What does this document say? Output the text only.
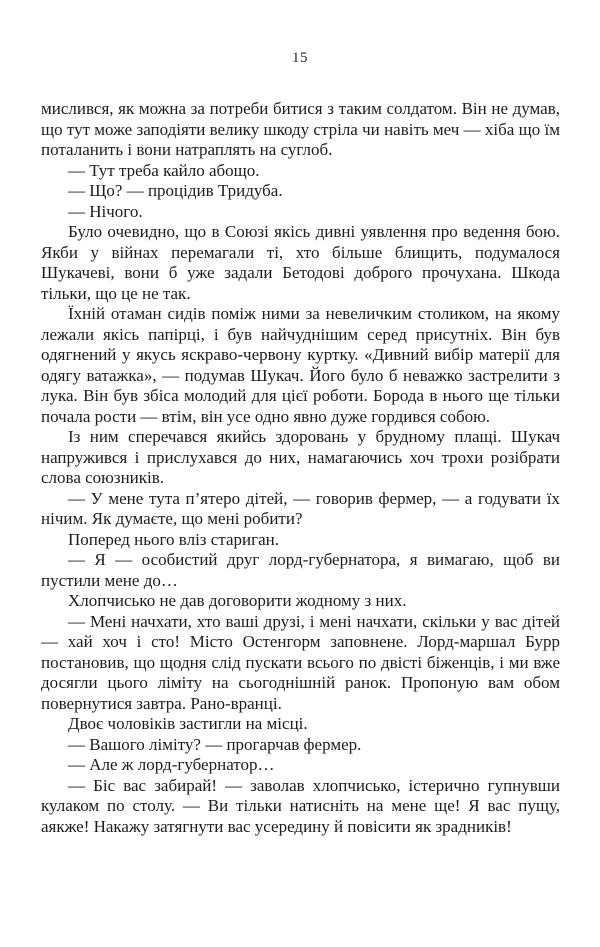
15

мислився, як можна за потреби битися з таким солдатом. Він не думав, що тут може заподіяти велику шкоду стріла чи навіть меч — хіба що їм поталанить і вони натраплять на суглоб.

— Тут треба кайло абощо.

— Що? — процідив Тридуба.

— Нічого.

Було очевидно, що в Союзі якісь дивні уявлення про ведення бою. Якби у війнах перемагали ті, хто більше блищить, подумалося Шукачеві, вони б уже задали Бетодові доброго прочухана. Шкода тільки, що це не так.

Їхній отаман сидів поміж ними за невеличким столиком, на якому лежали якісь папірці, і був найчуднішим серед присутніх. Він був одягнений у якусь яскраво-червону куртку. «Дивний вибір матерії для одягу ватажка», — подумав Шукач. Його було б неважко застрелити з лука. Він був збіса молодий для цієї роботи. Борода в нього ще тільки почала рости — втім, він усе одно явно дуже гордився собою.

Із ним сперечався якийсь здоровань у брудному плащі. Шукач напружився і прислухався до них, намагаючись хоч трохи розібрати слова союзників.

— У мене тута п’ятеро дітей, — говорив фермер, — а годувати їх нічим. Як думаєте, що мені робити?

Поперед нього вліз стариган.

— Я — особистий друг лорд-губернатора, я вимагаю, щоб ви пустили мене до…

Хлопчисько не дав договорити жодному з них.

— Мені начхати, хто ваші друзі, і мені начхати, скільки у вас дітей — хай хоч і сто! Місто Остенгорм заповнене. Лорд-маршал Бурр постановив, що щодня слід пускати всього по двісті біженців, і ми вже досягли цього ліміту на сьогоднішній ранок. Пропоную вам обом повернутися завтра. Рано-вранці.

Двоє чоловіків застигли на місці.

— Вашого ліміту? — прогарчав фермер.

— Але ж лорд-губернатор…

— Біс вас забирай! — заволав хлопчисько, істерично гупнувши кулаком по столу. — Ви тільки натисніть на мене ще! Я вас пущу, аякже! Накажу затягнути вас усередину й повісити як зрадників!
